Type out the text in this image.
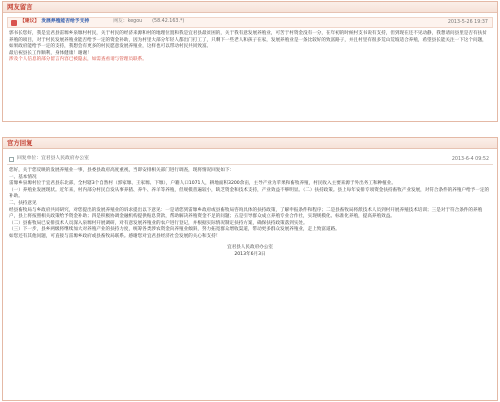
网友留言
【建议】 发展养殖能否给予支持	网友： kegou (58.42.163.*)	2013-5-26 19:37

郭书长您好，我是宜君县雷塬乡泉塬村村民，关于村民的经济来源和村的地理位置和我是宜君县最贫困的，关于我有意发展养殖业，可苦于村资金没有一分，在年初的时候村支书说有支持，但到现在还不见动静，我想请问县里是否有扶贫养殖的项目，对于村民发展养殖业能否给予一定的资金补助，因为村里大部分年轻人都出门打工了，只剩下一些老人和孩子在家，发展养殖业是一条比较好的致富路子，并且村里有很多荒山荒坡适合养殖，希望县长能关注一下这个问题，如果政府能给予一定的支持，我想会有更多的村民愿意发展养殖业，这样也可以带动村民共同致富。

最后祝县长工作顺利，身体健康！谢谢！

涉及个人信息的部分留言内容已被隐去，如需查看请与管理员联系。

官方回复
回复单位： 宜君县人民政府办公室	2013-6-4 09:52

您好，关于您反映的发展养殖业一事，县委县政府高度重视，当即安排相关部门进行调查，现将情况回复如下：

一、基本情况

雷塬乡泉塬村位于宜君县东北部，全村辖3个自然村（郭家塬、王家塬、下塬），户籍人口1071人，耕地面积3200余亩，主导产业为苹果和畜牧养殖，村民收入主要来源于外出务工和种植业。

（一）养殖业发展现状。近年来，村内部分村民自发从事养猪、养牛、养羊等养殖，但规模普遍较小，缺乏资金和技术支持，产业效益不够明显。（二）扶持政策。县上每年安排专项资金扶持畜牧产业发展，对符合条件的养殖户给予一定的补助。

二、扶持意见

经县畜牧局与乡政府共同研究，对您提出的发展养殖业的诉求提出以下意见：一是请您到雷塬乡政府或县畜牧局咨询具体的扶持政策，了解申报条件和程序；二是县畜牧局将派技术人员到村开展养殖技术培训；三是对于符合条件的养殖户，县上将按照相关政策给予资金补助；四是积极协调金融机构提供贴息贷款，帮助解决养殖资金不足的问题；五是引导群众成立养殖专业合作社，实现规模化、标准化养殖，提高养殖效益。

（二）县畜牧局已安排技术人员深入泉塬村开展调研，对有意发展养殖业的农户进行登记，并根据实际情况制定扶持方案，确保扶持政策落到实处。

（三）下一步，县乡两级将继续加大对养殖产业的扶持力度，统筹各类涉农资金向养殖业倾斜，努力拓宽群众增收渠道，带动更多群众发展养殖业，走上致富道路。

如您还有其他问题，可直接与雷塬乡政府或县畜牧局联系。感谢您对宜君县经济社会发展的关心和支持！

宜君县人民政府办公室
2013年6月3日
